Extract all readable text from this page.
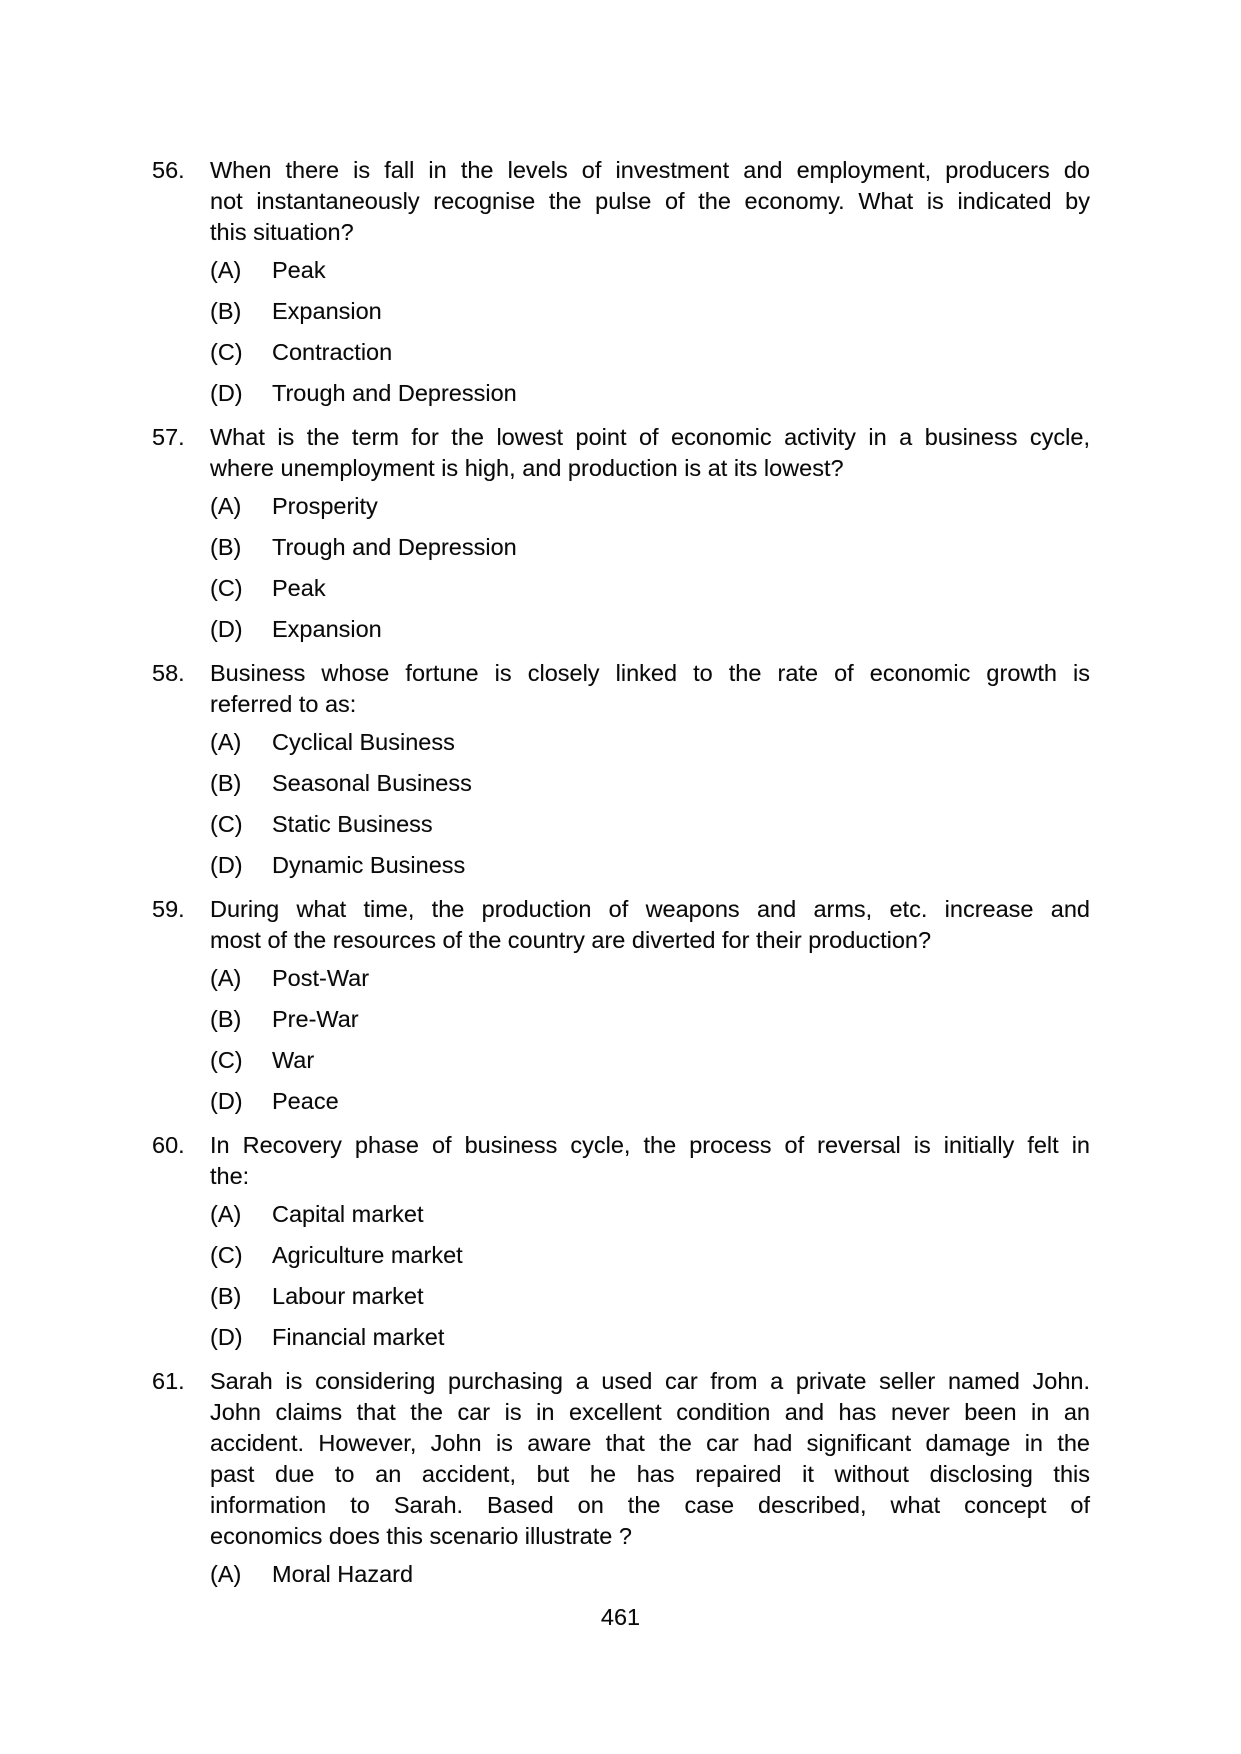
56.	When there is fall in the levels of investment and employment, producers do
not instantaneously recognise the pulse of the economy. What is indicated by
this situation?
(A)	Peak
(B)	Expansion
(C)	Contraction
(D)	Trough and Depression
57.	What is the term for the lowest point of economic activity in a business cycle,
where unemployment is high, and production is at its lowest?
(A)	Prosperity
(B)	Trough and Depression
(C)	Peak
(D)	Expansion
58.	Business whose fortune is closely linked to the rate of economic growth is
referred to as:
(A)	Cyclical Business
(B)	Seasonal Business
(C)	Static Business
(D)	Dynamic Business
59.	During what time, the production of weapons and arms, etc. increase and
most of the resources of the country are diverted for their production?
(A)	Post-War
(B)	Pre-War
(C)	War
(D)	Peace
60.	In Recovery phase of business cycle, the process of reversal is initially felt in
the:
(A)	Capital market
(C)	Agriculture market
(B)	Labour market
(D)	Financial market
61.	Sarah is considering purchasing a used car from a private seller named John.
John claims that the car is in excellent condition and has never been in an
accident. However, John is aware that the car had significant damage in the
past due to an accident, but he has repaired it without disclosing this
information to Sarah. Based on the case described, what concept of
economics does this scenario illustrate ?
(A)	Moral Hazard
461
